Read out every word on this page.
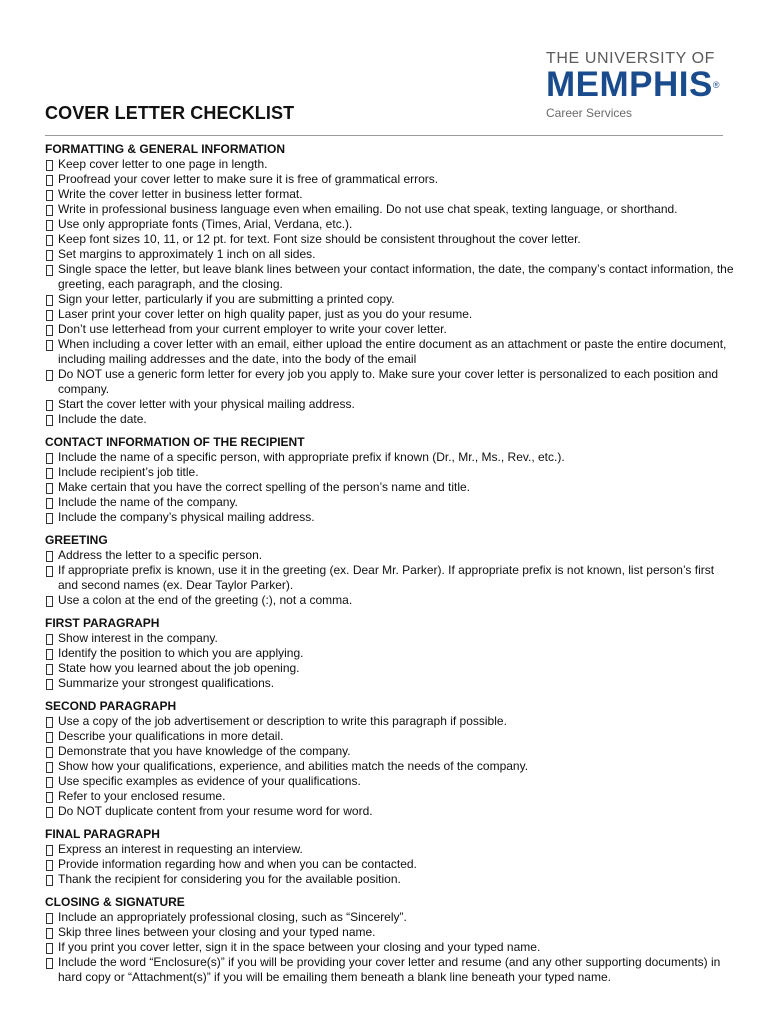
THE UNIVERSITY OF
MEMPHIS®
Career Services
COVER LETTER CHECKLIST
FORMATTING & GENERAL INFORMATION
Keep cover letter to one page in length.
Proofread your cover letter to make sure it is free of grammatical errors.
Write the cover letter in business letter format.
Write in professional business language even when emailing. Do not use chat speak, texting language, or shorthand.
Use only appropriate fonts (Times, Arial, Verdana, etc.).
Keep font sizes 10, 11, or 12 pt. for text. Font size should be consistent throughout the cover letter.
Set margins to approximately 1 inch on all sides.
Single space the letter, but leave blank lines between your contact information, the date, the company’s contact information, the greeting, each paragraph, and the closing.
Sign your letter, particularly if you are submitting a printed copy.
Laser print your cover letter on high quality paper, just as you do your resume.
Don’t use letterhead from your current employer to write your cover letter.
When including a cover letter with an email, either upload the entire document as an attachment or paste the entire document, including mailing addresses and the date, into the body of the email
Do NOT use a generic form letter for every job you apply to. Make sure your cover letter is personalized to each position and company.
Start the cover letter with your physical mailing address.
Include the date.
CONTACT INFORMATION OF THE RECIPIENT
Include the name of a specific person, with appropriate prefix if known (Dr., Mr., Ms., Rev., etc.).
Include recipient’s job title.
Make certain that you have the correct spelling of the person’s name and title.
Include the name of the company.
Include the company’s physical mailing address.
GREETING
Address the letter to a specific person.
If appropriate prefix is known, use it in the greeting (ex. Dear Mr. Parker). If appropriate prefix is not known, list person’s first and second names (ex. Dear Taylor Parker).
Use a colon at the end of the greeting (:), not a comma.
FIRST PARAGRAPH
Show interest in the company.
Identify the position to which you are applying.
State how you learned about the job opening.
Summarize your strongest qualifications.
SECOND PARAGRAPH
Use a copy of the job advertisement or description to write this paragraph if possible.
Describe your qualifications in more detail.
Demonstrate that you have knowledge of the company.
Show how your qualifications, experience, and abilities match the needs of the company.
Use specific examples as evidence of your qualifications.
Refer to your enclosed resume.
Do NOT duplicate content from your resume word for word.
FINAL PARAGRAPH
Express an interest in requesting an interview.
Provide information regarding how and when you can be contacted.
Thank the recipient for considering you for the available position.
CLOSING & SIGNATURE
Include an appropriately professional closing, such as “Sincerely”.
Skip three lines between your closing and your typed name.
If you print you cover letter, sign it in the space between your closing and your typed name.
Include the word “Enclosure(s)” if you will be providing your cover letter and resume (and any other supporting documents) in hard copy or “Attachment(s)” if you will be emailing them beneath a blank line beneath your typed name.
